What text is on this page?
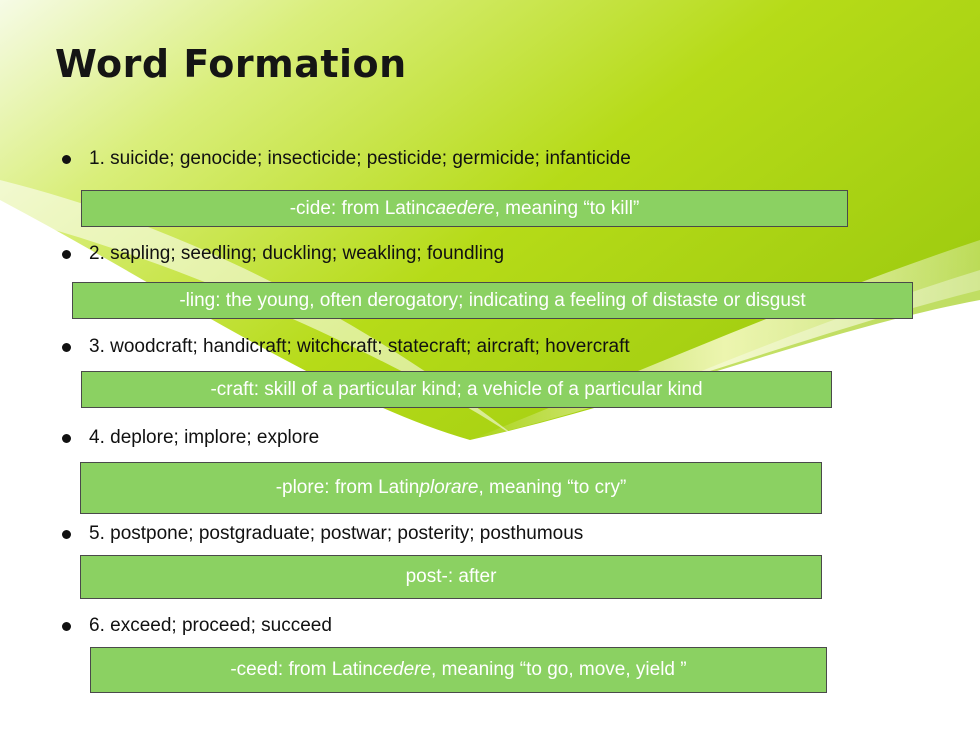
Word Formation
1. suicide; genocide; insecticide; pesticide; germicide; infanticide
-cide: from Latin caedere , meaning “to kill”
2. sapling; seedling; duckling; weakling; foundling
-ling: the young, often derogatory; indicating a feeling of distaste or disgust
3. woodcraft; handicraft; witchcraft; statecraft; aircraft; hovercraft
-craft: skill of a particular kind; a vehicle of a particular kind
4. deplore; implore; explore
-plore: from Latin plorare , meaning “to cry”
5. postpone; postgraduate; postwar; posterity; posthumous
post-: after
6. exceed; proceed; succeed
-ceed: from Latin cedere , meaning “to go, move, yield ”
